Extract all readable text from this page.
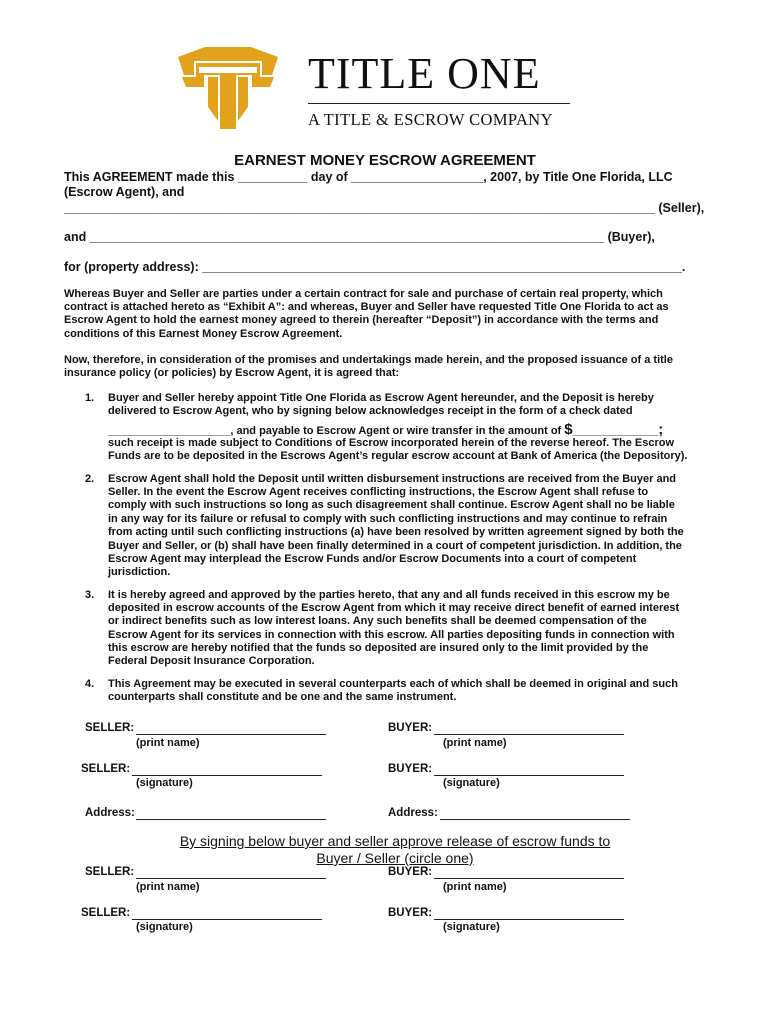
TITLE ONE
A TITLE & ESCROW COMPANY
EARNEST MONEY ESCROW AGREEMENT
This AGREEMENT made this __________ day of ___________________, 2007, by Title One Florida, LLC
(Escrow Agent), and
_____________________________________________________________________________________ (Seller),
and __________________________________________________________________________ (Buyer),
for (property address): _____________________________________________________________________.
Whereas Buyer and Seller are parties under a certain contract for sale and purchase of certain real property, which
contract is attached hereto as “Exhibit A”: and whereas, Buyer and Seller have requested Title One Florida to act as
Escrow Agent to hold the earnest money agreed to therein (hereafter “Deposit”) in accordance with the terms and
conditions of this Earnest Money Escrow Agreement.
Now, therefore, in consideration of the promises and undertakings made herein, and the proposed issuance of a title
insurance policy (or policies) by Escrow Agent, it is agreed that:
1. Buyer and Seller hereby appoint Title One Florida as Escrow Agent hereunder, and the Deposit is hereby
delivered to Escrow Agent, who by signing below acknowledges receipt in the form of a check dated
____________________, and payable to Escrow Agent or wire transfer in the amount of $______________;
such receipt is made subject to Conditions of Escrow incorporated herein of the reverse hereof. The Escrow
Funds are to be deposited in the Escrows Agent’s regular escrow account at Bank of America (the Depository).
2. Escrow Agent shall hold the Deposit until written disbursement instructions are received from the Buyer and
Seller. In the event the Escrow Agent receives conflicting instructions, the Escrow Agent shall refuse to
comply with such instructions so long as such disagreement shall continue. Escrow Agent shall no be liable
in any way for its failure or refusal to comply with such conflicting instructions and may continue to refrain
from acting until such conflicting instructions (a) have been resolved by written agreement signed by both the
Buyer and Seller, or (b) shall have been finally determined in a court of competent jurisdiction. In addition, the
Escrow Agent may interplead the Escrow Funds and/or Escrow Documents into a court of competent
jurisdiction.
3. It is hereby agreed and approved by the parties hereto, that any and all funds received in this escrow my be
deposited in escrow accounts of the Escrow Agent from which it may receive direct benefit of earned interest
or indirect benefits such as low interest loans. Any such benefits shall be deemed compensation of the
Escrow Agent for its services in connection with this escrow. All parties depositing funds in connection with
this escrow are hereby notified that the funds so deposited are insured only to the limit provided by the
Federal Deposit Insurance Corporation.
4. This Agreement may be executed in several counterparts each of which shall be deemed in original and such
counterparts shall constitute and be one and the same instrument.
SELLER:
(print name)
BUYER:
(print name)
SELLER:
(signature)
BUYER:
(signature)
Address:	Address:
By signing below buyer and seller approve release of escrow funds to
Buyer / Seller (circle one)
SELLER:
(print name)
BUYER:
(print name)
SELLER:
(signature)
BUYER:
(signature)
